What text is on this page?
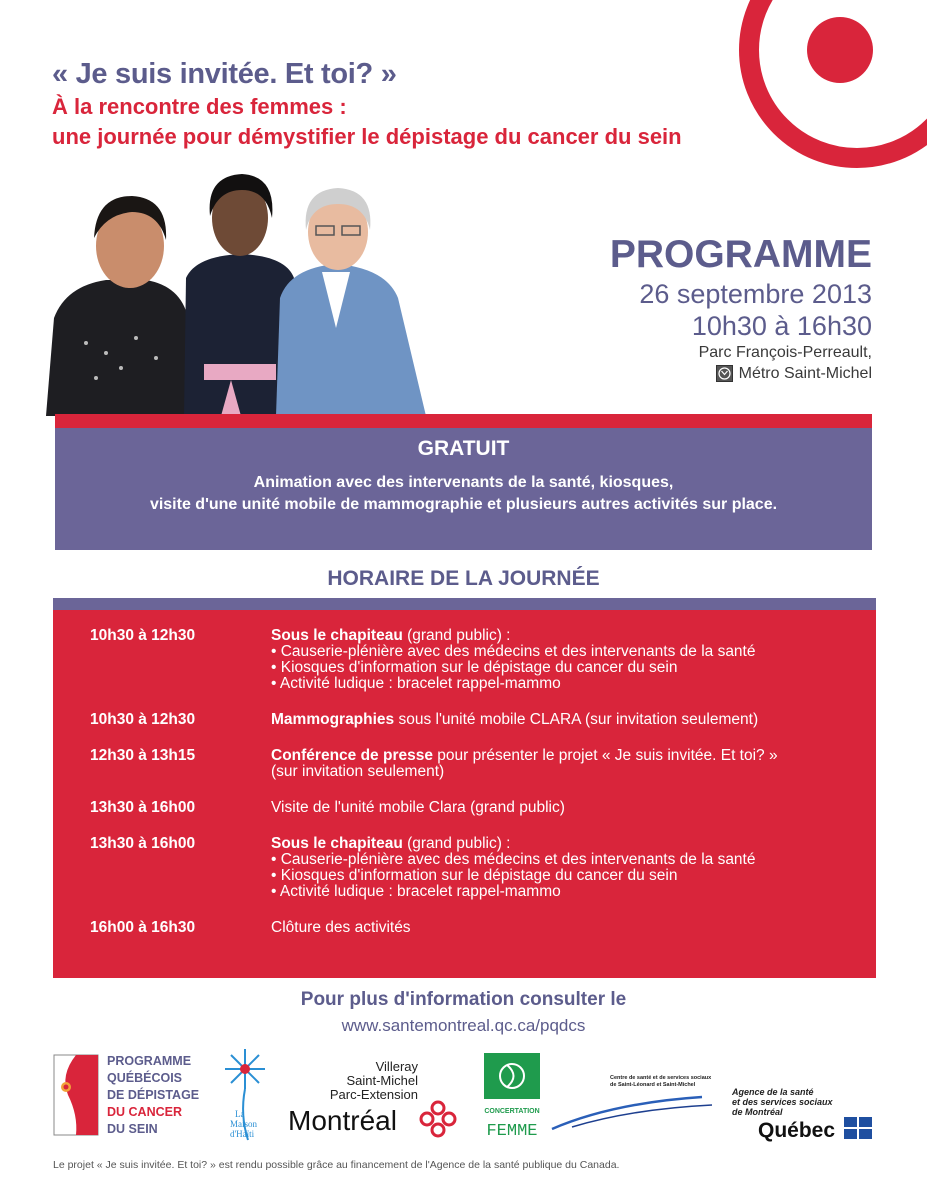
« Je suis invitée. Et toi? »
À la rencontre des femmes :
une journée pour démystifier le dépistage du cancer du sein
PROGRAMME
26 septembre 2013
10h30 à 16h30
Parc François-Perreault,
Métro Saint-Michel
GRATUIT
Animation avec des intervenants de la santé, kiosques,
visite d'une unité mobile de mammographie et plusieurs autres activités sur place.
HORAIRE DE LA JOURNÉE
10h30 à 12h30	Sous le chapiteau (grand public) :
• Causerie-plénière avec des médecins et des intervenants de la santé
• Kiosques d'information sur le dépistage du cancer du sein
• Activité ludique : bracelet rappel-mammo
10h30 à 12h30	Mammographies sous l'unité mobile CLARA (sur invitation seulement)
12h30 à 13h15	Conférence de presse pour présenter le projet « Je suis invitée. Et toi? »
(sur invitation seulement)
13h30 à 16h00	Visite de l'unité mobile Clara (grand public)
13h30 à 16h00	Sous le chapiteau (grand public) :
• Causerie-plénière avec des médecins et des intervenants de la santé
• Kiosques d'information sur le dépistage du cancer du sein
• Activité ludique : bracelet rappel-mammo
16h00 à 16h30	Clôture des activités
Pour plus d'information consulter le
www.santemontreal.qc.ca/pqdcs
PROGRAMME
QUÉBÉCOIS
DE DÉPISTAGE
DU CANCER
DU SEIN
La
Maison
d'Haïti
Villeray
Saint-Michel
Parc-Extension
Montréal	CONCERTATION
FEMME
Centre de santé et de services sociaux
de Saint-Léonard et Saint-Michel
Agence de la santé
et des services sociaux
de Montréal
Québec
Le projet « Je suis invitée. Et toi? » est rendu possible grâce au financement de l'Agence de la santé publique du Canada.
